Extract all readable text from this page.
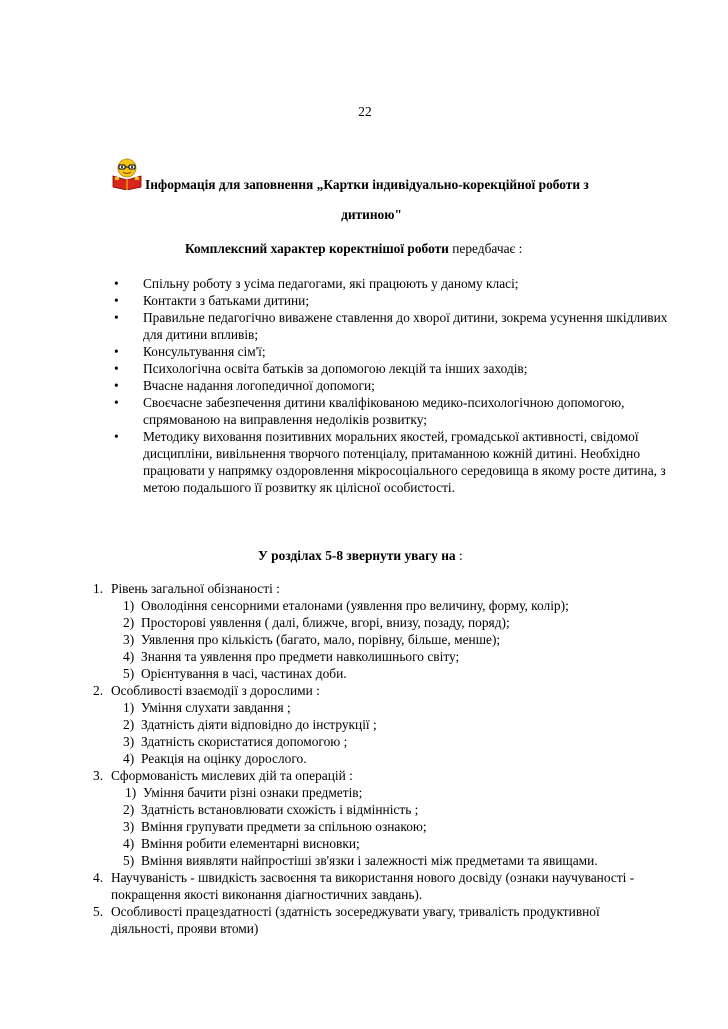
22
Інформація для заповнення „Картки індивідуально-корекційної роботи з
дитиною"
Комплексний характер коректнішої роботи передбачає :
• Спільну роботу з усіма педагогами, які працюють у даному класі;
• Контакти з батьками дитини;
• Правильне педагогічно виважене ставлення до хворої дитини, зокрема усунення шкідливих для дитини впливів;
• Консультування сім'ї;
• Психологічна освіта батьків за допомогою лекцій та інших заходів;
• Вчасне надання логопедичної допомоги;
• Своєчасне забезпечення дитини кваліфікованою медико-психологічною допомогою, спрямованою на виправлення недоліків розвитку;
• Методику виховання позитивних моральних якостей, громадської активності, свідомої дисципліни, вивільнення творчого потенціалу, притаманною кожній дитині. Необхідно працювати у напрямку оздоровлення мікросоціального середовища в якому росте дитина, з метою подальшого її розвитку як цілісної особистості.
У розділах 5-8 звернути увагу на :
1. Рівень загальної обізнаності :
1) Оволодіння сенсорними еталонами (уявлення про величину, форму, колір);
2) Просторові уявлення ( далі, ближче, вгорі, внизу, позаду, поряд);
3) Уявлення про кількість (багато, мало, порівну, більше, менше);
4) Знання та уявлення про предмети навколишнього світу;
5) Орієнтування в часі, частинах доби.
2. Особливості взаємодії з дорослими :
1) Уміння слухати завдання ;
2) Здатність діяти відповідно до інструкції ;
3) Здатність скористатися допомогою ;
4) Реакція на оцінку дорослого.
3. Сформованість мислевих дій та операцій :
1) Уміння бачити різні ознаки предметів;
2) Здатність встановлювати схожість і відмінність ;
3) Вміння групувати предмети за спільною ознакою;
4) Вміння робити елементарні висновки;
5) Вміння виявляти найпростіші зв'язки і залежності між предметами та явищами.
4. Научуваність - швидкість засвоєння та використання нового досвіду (ознаки научуваності - покращення якості виконання діагностичних завдань).
5. Особливості працездатності (здатність зосереджувати увагу, тривалість продуктивної діяльності, прояви втоми)
